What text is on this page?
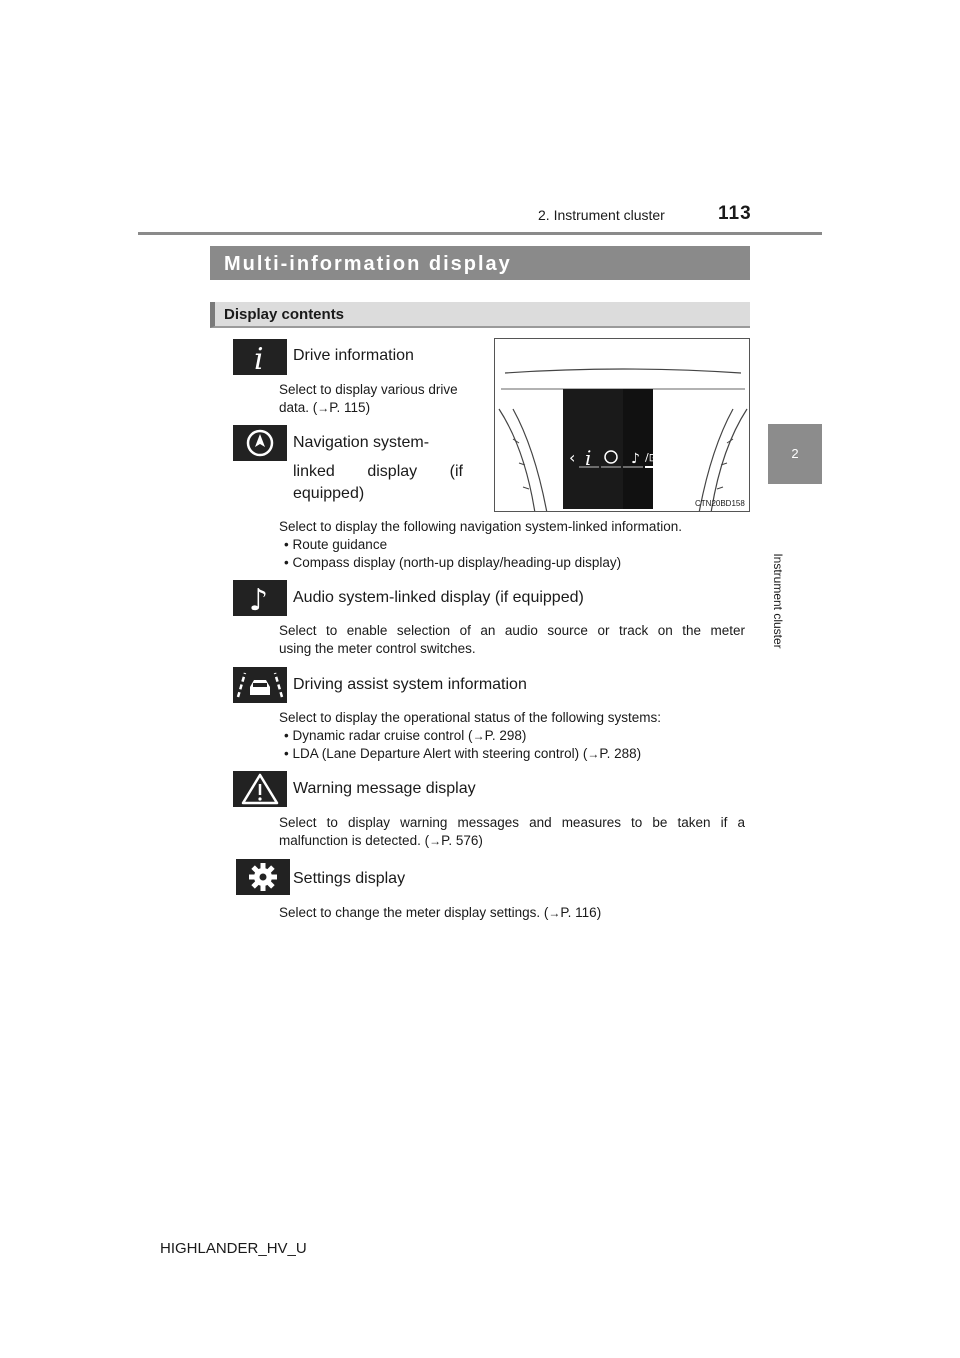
2. Instrument cluster	113
2
Instrument cluster
Multi-information display
Display contents
‹ i	♪ /⊡\ ›
CTN20BD158
i Drive information
Select to display various drive
data. (→P. 115)
Navigation system-
linked display (if
equipped)
Select to display the following navigation system-linked information.
• Route guidance
• Compass display (north-up display/heading-up display)
♪ Audio system-linked display (if equipped)
Select to enable selection of an audio source or track on the meter
using the meter control switches.
Driving assist system information
Select to display the operational status of the following systems:
• Dynamic radar cruise control (→P. 298)
• LDA (Lane Departure Alert with steering control) (→P. 288)
Warning message display
Select to display warning messages and measures to be taken if a
malfunction is detected. (→P. 576)
Settings display
Select to change the meter display settings. (→P. 116)
HIGHLANDER_HV_U
